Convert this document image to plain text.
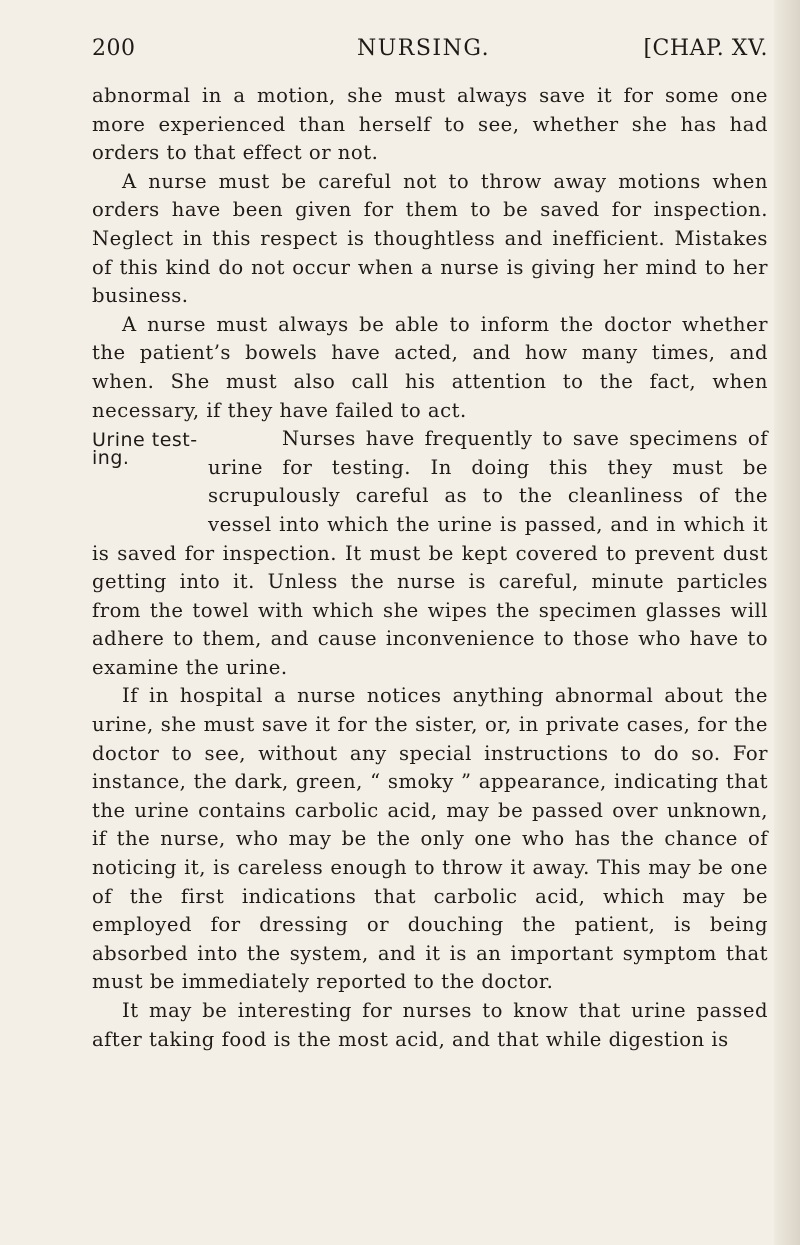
200	NURSING.	[CHAP. XV.

abnormal in a motion, she must always save it for some one more experienced than herself to see, whether she has had orders to that effect or not.

A nurse must be careful not to throw away motions when orders have been given for them to be saved for inspection. Neglect in this respect is thoughtless and inefficient. Mistakes of this kind do not occur when a nurse is giving her mind to her business.

A nurse must always be able to inform the doctor whether the patient’s bowels have acted, and how many times, and when. She must also call his attention to the fact, when necessary, if they have failed to act.

Urine test- ing.

Nurses have frequently to save specimens of urine for testing. In doing this they must be scrupulously careful as to the cleanliness of the vessel into which the urine is passed, and in which it is saved for inspection. It must be kept covered to prevent dust getting into it. Unless the nurse is careful, minute particles from the towel with which she wipes the specimen glasses will adhere to them, and cause inconvenience to those who have to examine the urine.

If in hospital a nurse notices anything abnormal about the urine, she must save it for the sister, or, in private cases, for the doctor to see, without any special instructions to do so. For instance, the dark, green, “ smoky ” appearance, indicating that the urine contains carbolic acid, may be passed over unknown, if the nurse, who may be the only one who has the chance of noticing it, is careless enough to throw it away. This may be one of the first indications that carbolic acid, which may be employed for dressing or douching the patient, is being absorbed into the system, and it is an important symptom that must be immediately reported to the doctor.

It may be interesting for nurses to know that urine passed after taking food is the most acid, and that while digestion is
